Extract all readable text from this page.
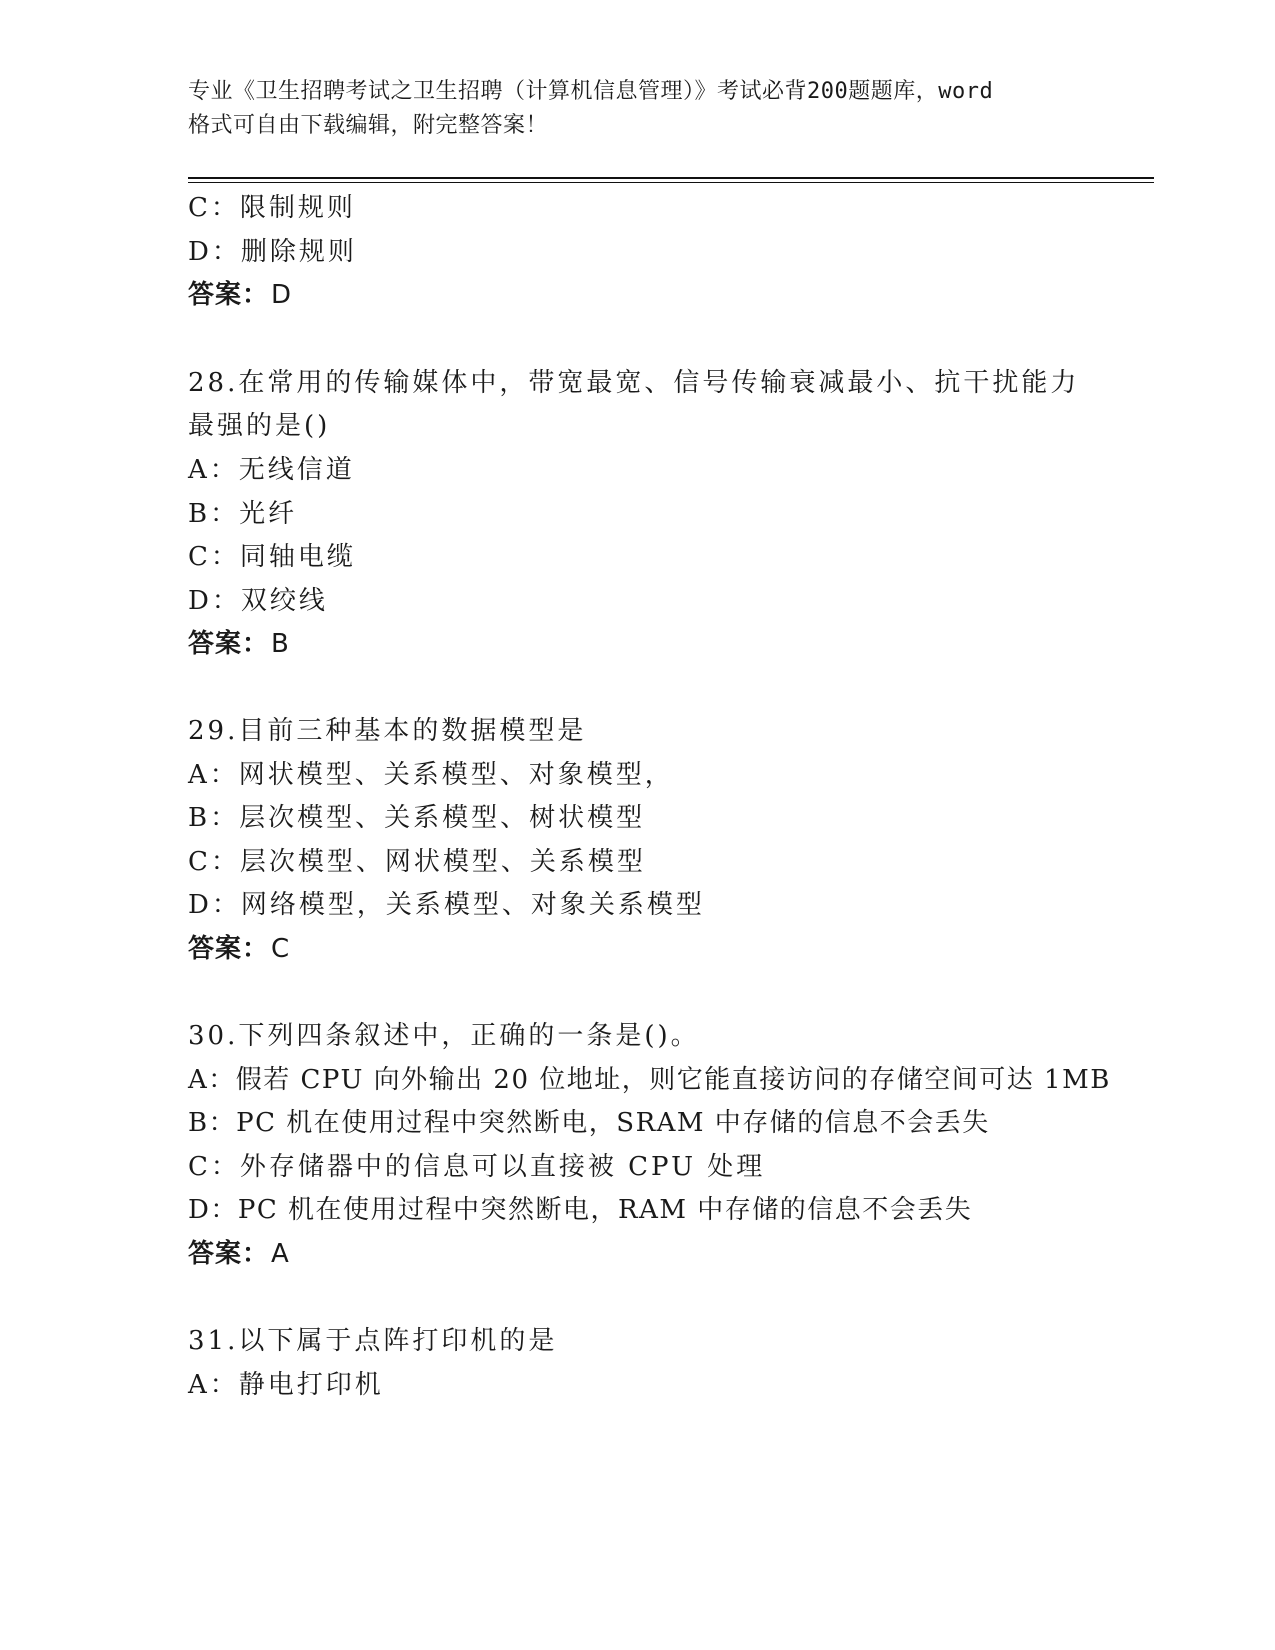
专业《卫生招聘考试之卫生招聘（计算机信息管理）》考试必背200题题库，word
格式可自由下载编辑，附完整答案！
C：限制规则
D：删除规则
答案：D
28.在常用的传输媒体中，带宽最宽、信号传输衰减最小、抗干扰能力
最强的是()
A：无线信道
B：光纤
C：同轴电缆
D：双绞线
答案：B
29.目前三种基本的数据模型是
A：网状模型、关系模型、对象模型，
B：层次模型、关系模型、树状模型
C：层次模型、网状模型、关系模型
D：网络模型，关系模型、对象关系模型
答案：C
30.下列四条叙述中，正确的一条是()。
A：假若 CPU 向外输出 20 位地址，则它能直接访问的存储空间可达 1MB
B：PC 机在使用过程中突然断电，SRAM 中存储的信息不会丢失
C：外存储器中的信息可以直接被 CPU 处理
D：PC 机在使用过程中突然断电，RAM 中存储的信息不会丢失
答案：A
31.以下属于点阵打印机的是
A：静电打印机
